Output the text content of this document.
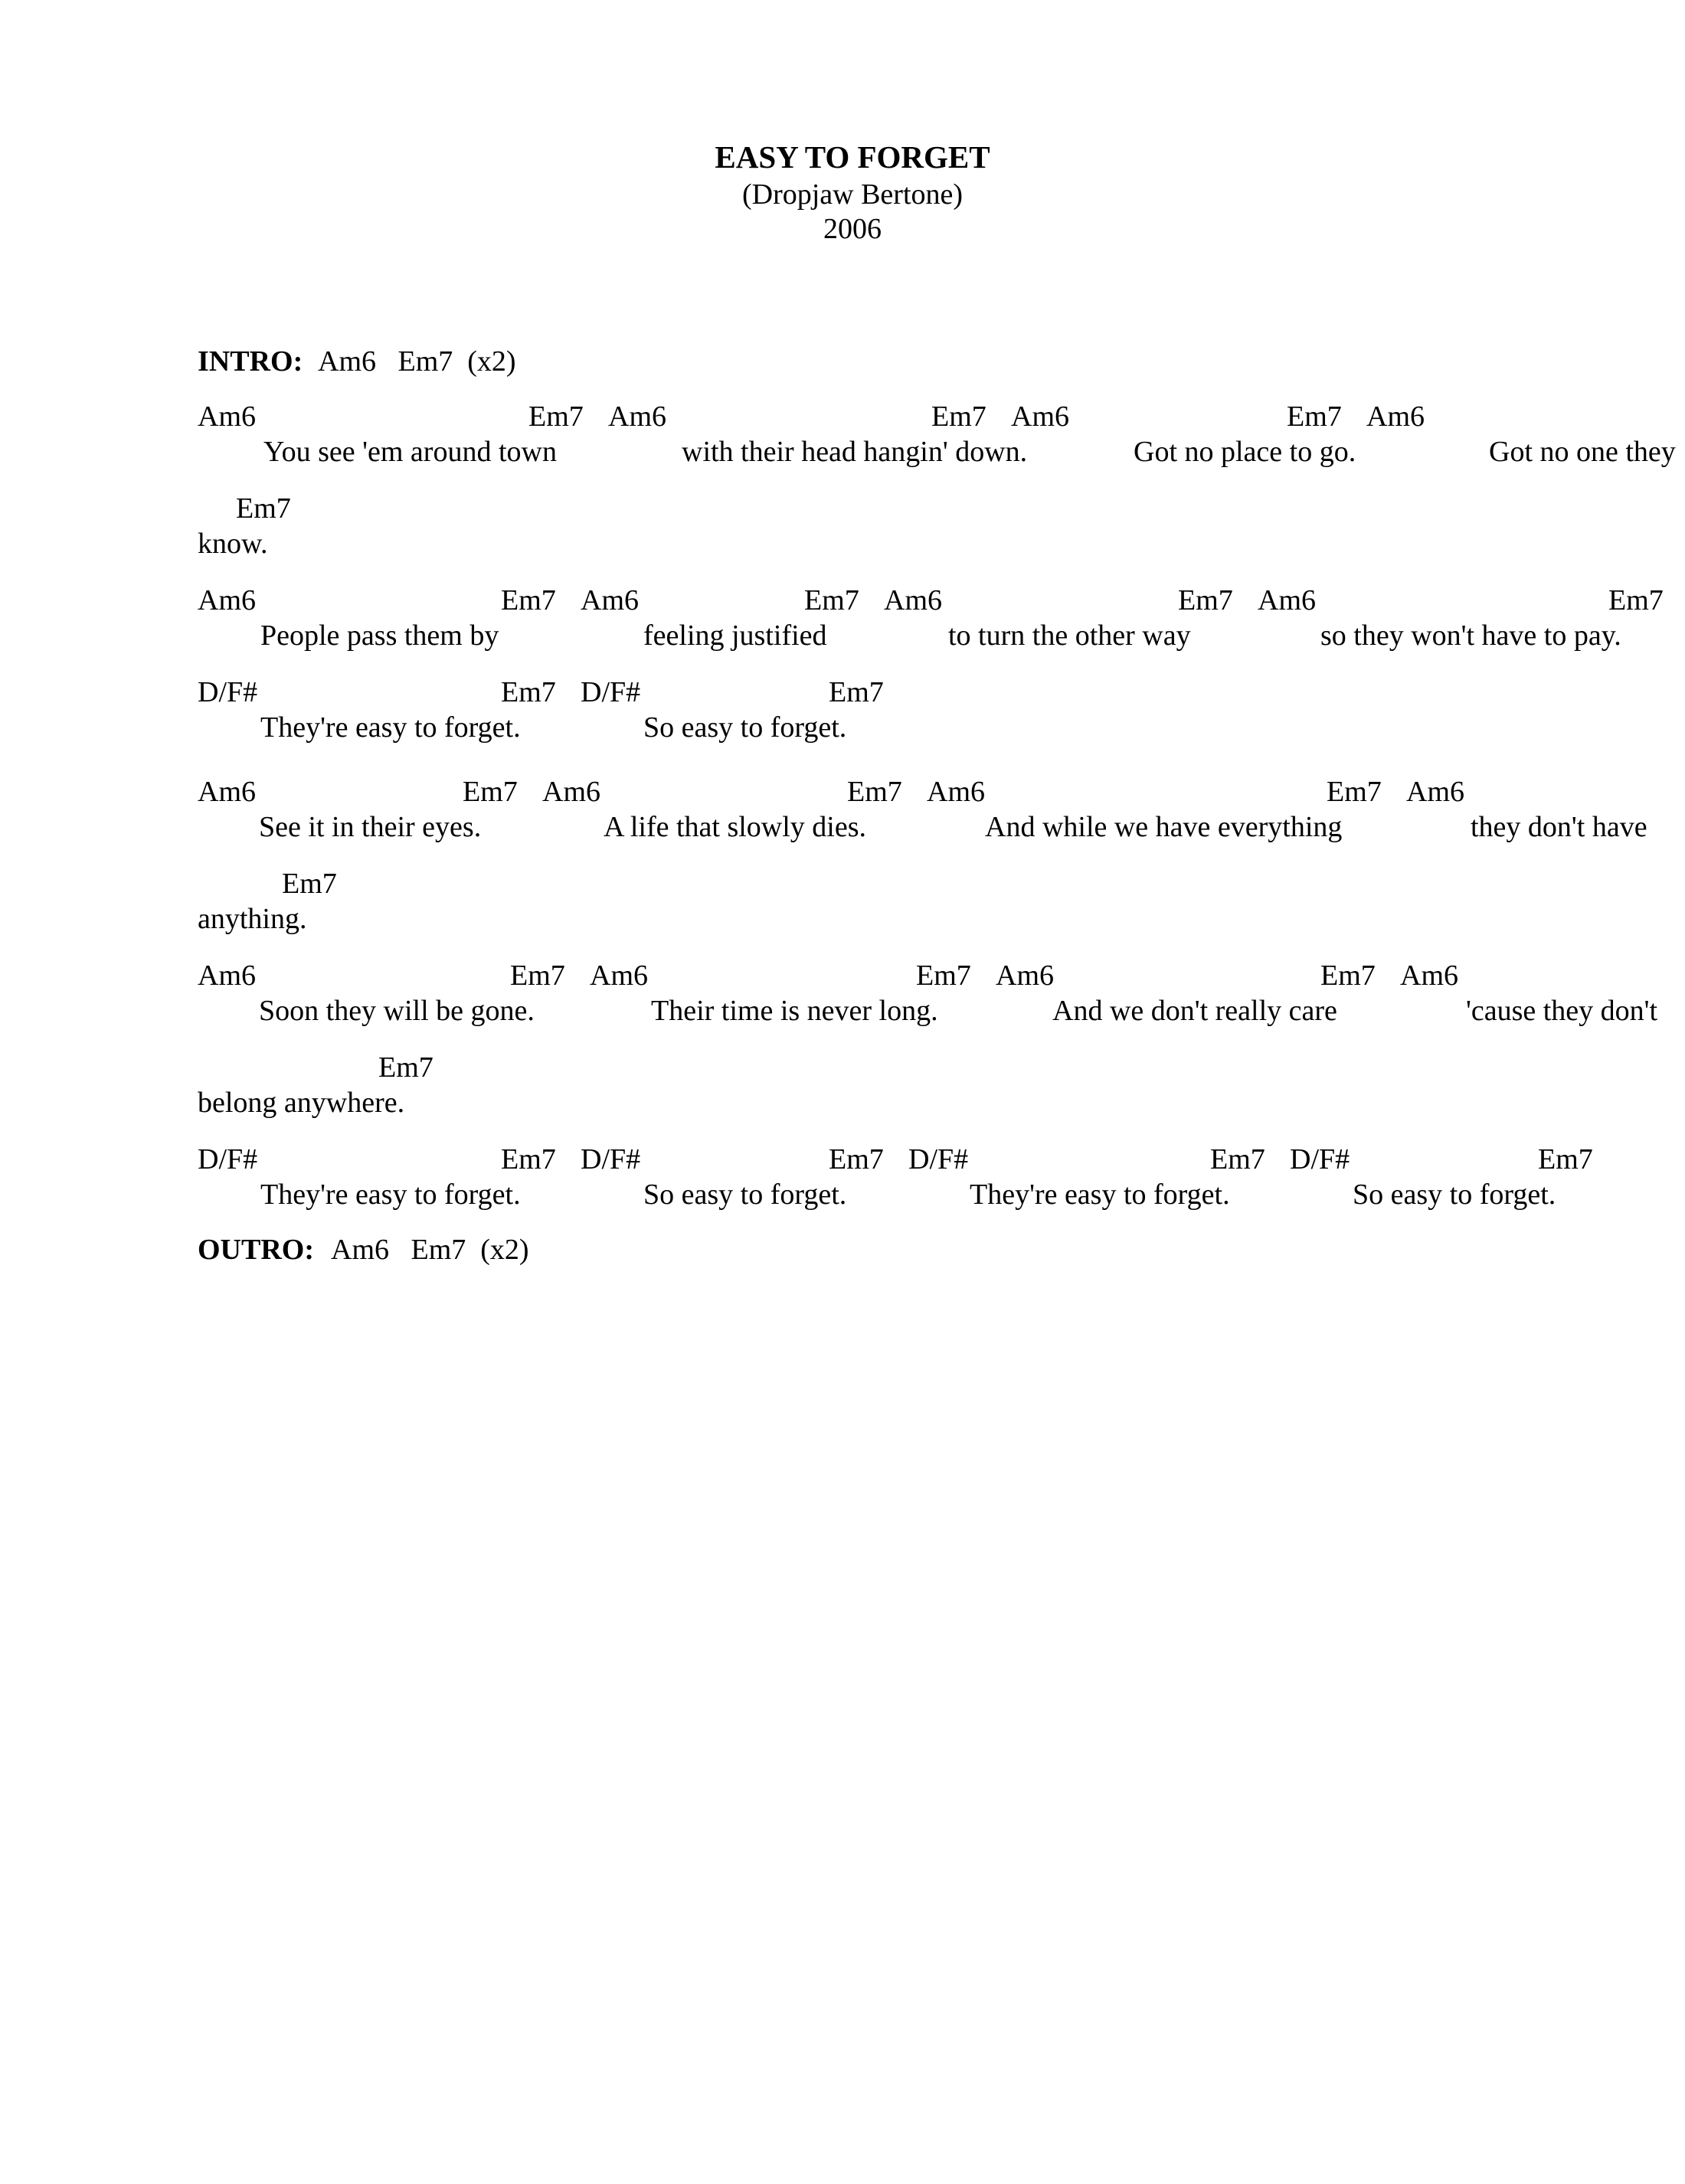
EASY TO FORGET
(Dropjaw Bertone)
2006

INTRO:

Am6   Em7  (x2)

Am6

	Em7

Am6

	Em7

Am6

	Em7

Am6

You see 'em around town

	with their head hangin' down.

	Got no place to go.

	Got no one they

Em7

know.

Am6

	Em7

Am6

	Em7

Am6

	Em7

Am6

	Em7

People pass them by

	feeling justified

	to turn the other way

	so they won't have to pay.

D/F#

	Em7

D/F#

	Em7

They're easy to forget.

	So easy to forget.

Am6

	Em7

Am6

	Em7

Am6

	Em7

Am6

See it in their eyes.

	A life that slowly dies.

	And while we have everything

	they don't have

Em7

anything.

Am6

	Em7

Am6

	Em7

Am6

	Em7

Am6

Soon they will be gone.

	Their time is never long.

	And we don't really care

	'cause they don't

Em7

belong anywhere.

D/F#

	Em7

D/F#

	Em7

D/F#

	Em7

D/F#

	Em7

They're easy to forget.

	So easy to forget.

	They're easy to forget.

	So easy to forget.

OUTRO:

Am6   Em7  (x2)
